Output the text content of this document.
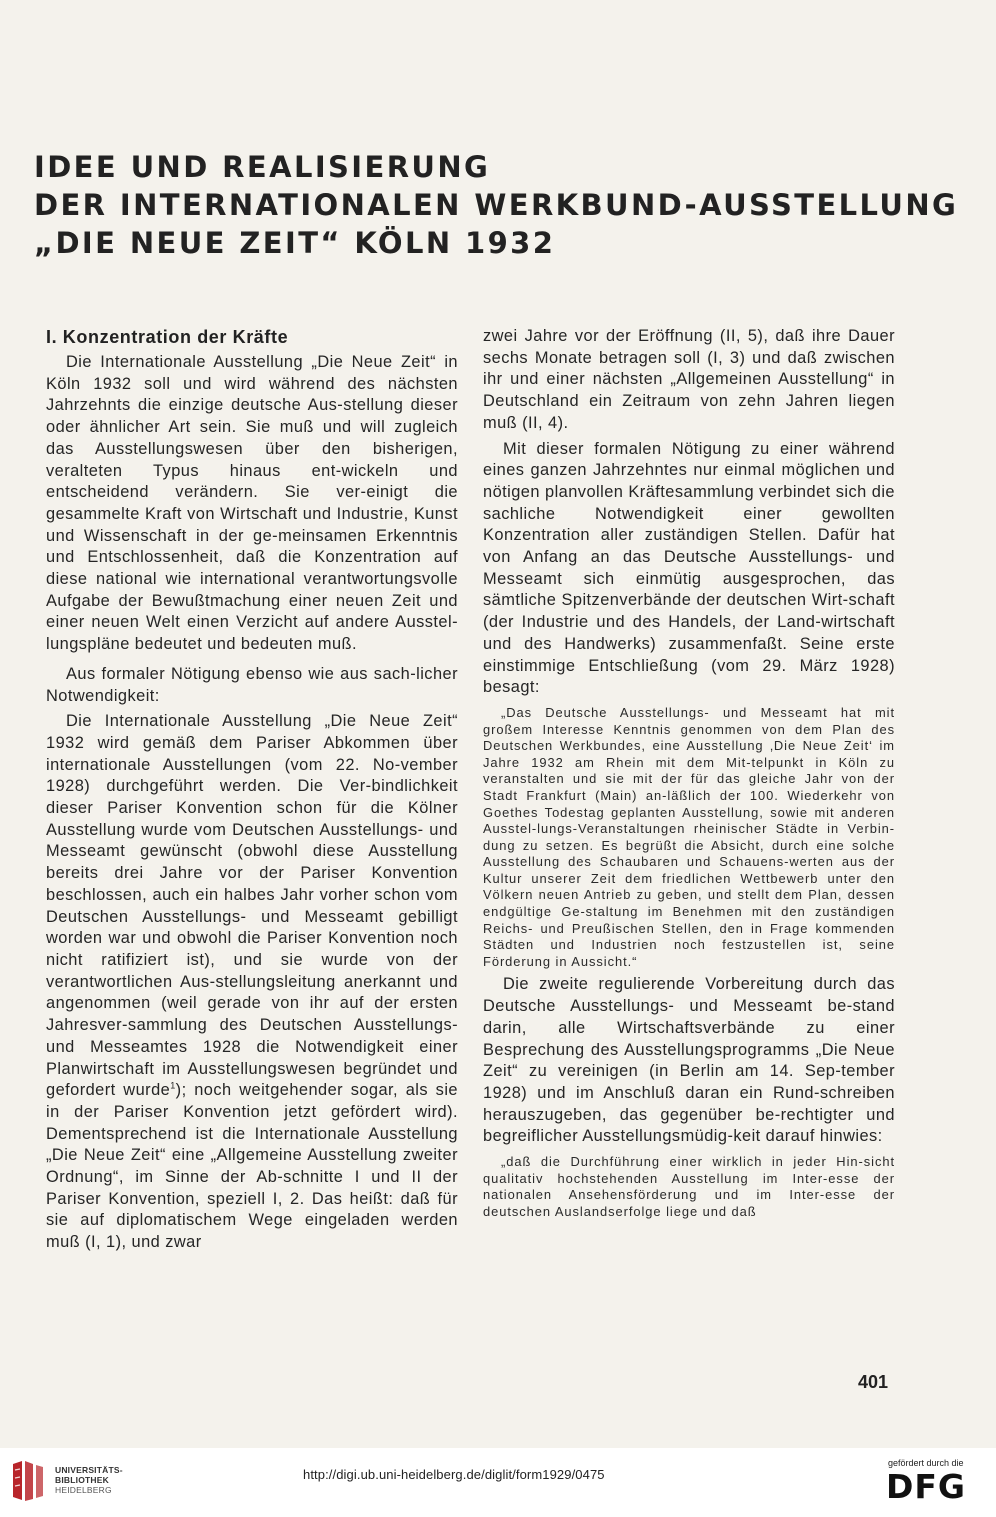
IDEE UND REALISIERUNG
DER INTERNATIONALEN WERKBUND-AUSSTELLUNG
„DIE NEUE ZEIT“ KÖLN 1932
I. Konzentration der Kräfte

Die Internationale Ausstellung „Die Neue Zeit“ in Köln 1932 soll und wird während des nächsten Jahrzehnts die einzige deutsche Aus-stellung dieser oder ähnlicher Art sein. Sie muß und will zugleich das Ausstellungswesen über den bisherigen, veralteten Typus hinaus ent-wickeln und entscheidend verändern. Sie ver-einigt die gesammelte Kraft von Wirtschaft und Industrie, Kunst und Wissenschaft in der ge-meinsamen Erkenntnis und Entschlossenheit, daß die Konzentration auf diese national wie international verantwortungsvolle Aufgabe der Bewußtmachung einer neuen Zeit und einer neuen Welt einen Verzicht auf andere Ausstel-lungspläne bedeutet und bedeuten muß.

Aus formaler Nötigung ebenso wie aus sach-licher Notwendigkeit:

Die Internationale Ausstellung „Die Neue Zeit“ 1932 wird gemäß dem Pariser Abkommen über internationale Ausstellungen (vom 22. No-vember 1928) durchgeführt werden. Die Ver-bindlichkeit dieser Pariser Konvention schon für die Kölner Ausstellung wurde vom Deutschen Ausstellungs- und Messeamt gewünscht (obwohl diese Ausstellung bereits drei Jahre vor der Pariser Konvention beschlossen, auch ein halbes Jahr vorher schon vom Deutschen Ausstellungs- und Messeamt gebilligt worden war und obwohl die Pariser Konvention noch nicht ratifiziert ist), und sie wurde von der verantwortlichen Aus-stellungsleitung anerkannt und angenommen (weil gerade von ihr auf der ersten Jahresver-sammlung des Deutschen Ausstellungs- und Messeamtes 1928 die Notwendigkeit einer Planwirtschaft im Ausstellungswesen begründet und gefordert wurde$^1$); noch weitgehender sogar, als sie in der Pariser Konvention jetzt gefördert wird). Dementsprechend ist die Internationale Ausstellung „Die Neue Zeit“ eine „Allgemeine Ausstellung zweiter Ordnung“, im Sinne der Ab-schnitte I und II der Pariser Konvention, speziell I, 2. Das heißt: daß für sie auf diplomatischem Wege eingeladen werden muß (I, 1), und zwar

zwei Jahre vor der Eröffnung (II, 5), daß ihre Dauer sechs Monate betragen soll (I, 3) und daß zwischen ihr und einer nächsten „Allgemeinen Ausstellung“ in Deutschland ein Zeitraum von zehn Jahren liegen muß (II, 4).

Mit dieser formalen Nötigung zu einer während eines ganzen Jahrzehntes nur einmal möglichen und nötigen planvollen Kräftesammlung verbindet sich die sachliche Notwendigkeit einer gewollten Konzentration aller zuständigen Stellen. Dafür hat von Anfang an das Deutsche Ausstellungs- und Messeamt sich einmütig ausgesprochen, das sämtliche Spitzenverbände der deutschen Wirt-schaft (der Industrie und des Handels, der Land-wirtschaft und des Handwerks) zusammenfaßt. Seine erste einstimmige Entschließung (vom 29. März 1928) besagt:

„Das Deutsche Ausstellungs- und Messeamt hat mit großem Interesse Kenntnis genommen von dem Plan des Deutschen Werkbundes, eine Ausstellung ‚Die Neue Zeit‘ im Jahre 1932 am Rhein mit dem Mit-telpunkt in Köln zu veranstalten und sie mit der für das gleiche Jahr von der Stadt Frankfurt (Main) an-läßlich der 100. Wiederkehr von Goethes Todestag geplanten Ausstellung, sowie mit anderen Ausstel-lungs-Veranstaltungen rheinischer Städte in Verbin-dung zu setzen. Es begrüßt die Absicht, durch eine solche Ausstellung des Schaubaren und Schauens-werten aus der Kultur unserer Zeit dem friedlichen Wettbewerb unter den Völkern neuen Antrieb zu geben, und stellt dem Plan, dessen endgültige Ge-staltung im Benehmen mit den zuständigen Reichs- und Preußischen Stellen, den in Frage kommenden Städten und Industrien noch festzustellen ist, seine Förderung in Aussicht.“

Die zweite regulierende Vorbereitung durch das Deutsche Ausstellungs- und Messeamt be-stand darin, alle Wirtschaftsverbände zu einer Besprechung des Ausstellungsprogramms „Die Neue Zeit“ zu vereinigen (in Berlin am 14. Sep-tember 1928) und im Anschluß daran ein Rund-schreiben herauszugeben, das gegenüber be-rechtigter und begreiflicher Ausstellungsmüdig-keit darauf hinwies:

„daß die Durchführung einer wirklich in jeder Hin-sicht qualitativ hochstehenden Ausstellung im Inter-esse der nationalen Ansehensförderung und im Inter-esse der deutschen Auslandserfolge liege und daß

401
UNIVERSITÄTS-
BIBLIOTHEK
HEIDELBERG
http://digi.ub.uni-heidelberg.de/diglit/form1929/0475
gefördert durch die
DFG
